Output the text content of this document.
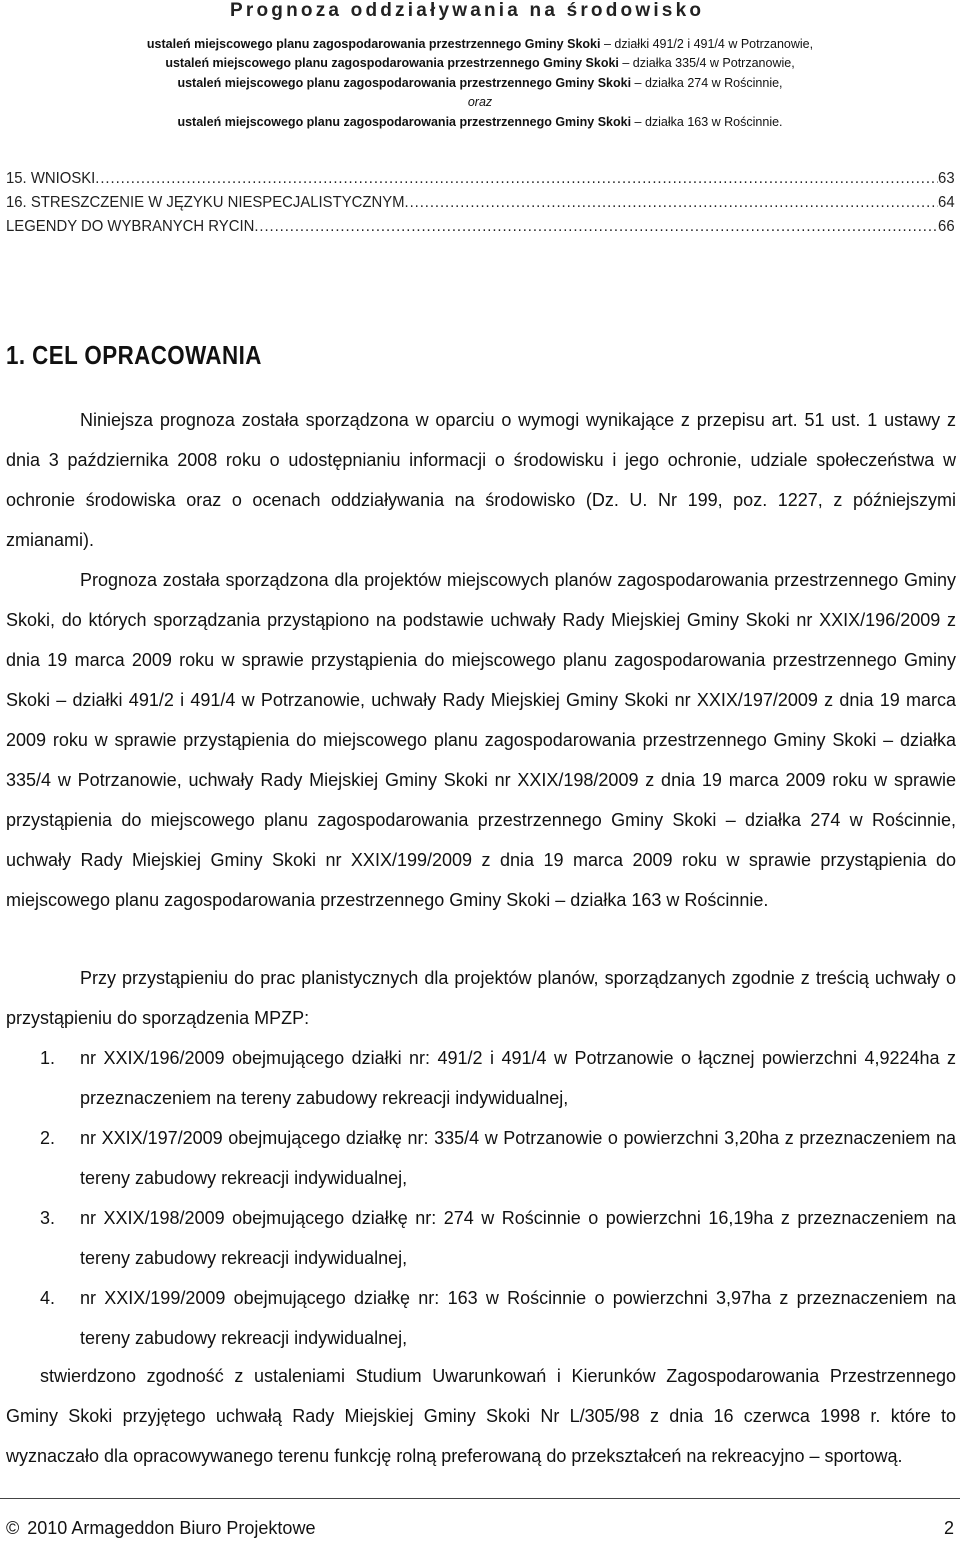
Prognoza oddziaływania na środowisko
ustaleń miejscowego planu zagospodarowania przestrzennego Gminy Skoki – działki 491/2 i 491/4 w Potrzanowie,
ustaleń miejscowego planu zagospodarowania przestrzennego Gminy Skoki – działka 335/4 w Potrzanowie,
ustaleń miejscowego planu zagospodarowania przestrzennego Gminy Skoki – działka 274 w Rościnnie,
oraz
ustaleń miejscowego planu zagospodarowania przestrzennego Gminy Skoki – działka 163 w Rościnnie.
15. WNIOSKI .....	63
16. STRESZCZENIE W JĘZYKU NIESPECJALISTYCZNYM .....	64
LEGENDY DO WYBRANYCH RYCIN .....	66
1. CEL OPRACOWANIA
Niniejsza prognoza została sporządzona w oparciu o wymogi wynikające z przepisu art. 51 ust. 1 ustawy z dnia 3 października 2008 roku o udostępnianiu informacji o środowisku i jego ochronie, udziale społeczeństwa w ochronie środowiska oraz o ocenach oddziaływania na środowisko (Dz. U. Nr 199, poz. 1227, z późniejszymi zmianami).
Prognoza została sporządzona dla projektów miejscowych planów zagospodarowania przestrzennego Gminy Skoki, do których sporządzania przystąpiono na podstawie uchwały Rady Miejskiej Gminy Skoki nr XXIX/196/2009 z dnia 19 marca 2009 roku w sprawie przystąpienia do miejscowego planu zagospodarowania przestrzennego Gminy Skoki – działki 491/2 i 491/4 w Potrzanowie, uchwały Rady Miejskiej Gminy Skoki nr XXIX/197/2009 z dnia 19 marca 2009 roku w sprawie przystąpienia do miejscowego planu zagospodarowania przestrzennego Gminy Skoki – działka 335/4 w Potrzanowie, uchwały Rady Miejskiej Gminy Skoki nr XXIX/198/2009 z dnia 19 marca 2009 roku w sprawie przystąpienia do miejscowego planu zagospodarowania przestrzennego Gminy Skoki – działka 274 w Rościnnie, uchwały Rady Miejskiej Gminy Skoki nr XXIX/199/2009 z dnia 19 marca 2009 roku w sprawie przystąpienia do miejscowego planu zagospodarowania przestrzennego Gminy Skoki – działka 163 w Rościnnie.
Przy przystąpieniu do prac planistycznych dla projektów planów, sporządzanych zgodnie z treścią uchwały o przystąpieniu do sporządzenia MPZP:
1. nr XXIX/196/2009 obejmującego działki nr: 491/2 i 491/4 w Potrzanowie o łącznej powierzchni 4,9224ha z przeznaczeniem na tereny zabudowy rekreacji indywidualnej,
2. nr XXIX/197/2009 obejmującego działkę nr: 335/4 w Potrzanowie o powierzchni 3,20ha z przeznaczeniem na tereny zabudowy rekreacji indywidualnej,
3. nr XXIX/198/2009 obejmującego działkę nr: 274 w Rościnnie o powierzchni 16,19ha z przeznaczeniem na tereny zabudowy rekreacji indywidualnej,
4. nr XXIX/199/2009 obejmującego działkę nr: 163 w Rościnnie o powierzchni 3,97ha z przeznaczeniem na tereny zabudowy rekreacji indywidualnej,
stwierdzono zgodność z ustaleniami Studium Uwarunkowań i Kierunków Zagospodarowania Przestrzennego Gminy Skoki przyjętego uchwałą Rady Miejskiej Gminy Skoki Nr L/305/98 z dnia 16 czerwca 1998 r. które to wyznaczało dla opracowywanego terenu funkcję rolną preferowaną do przekształceń na rekreacyjno – sportową.
© 2010 Armageddon Biuro Projektowe	2
